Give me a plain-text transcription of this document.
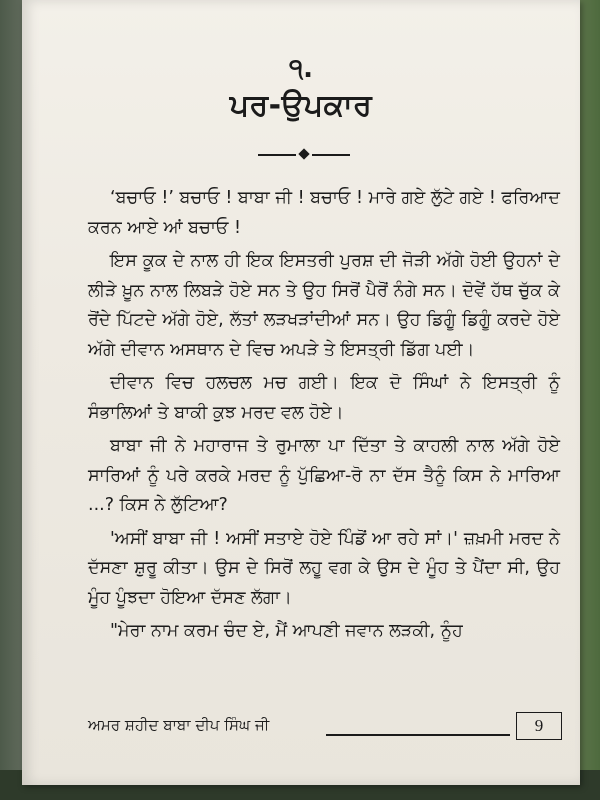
੧.
ਪਰ-ਉਪਕਾਰ

‘ਬਚਾਓ !’ ਬਚਾਓ ! ਬਾਬਾ ਜੀ ! ਬਚਾਓ ! ਮਾਰੇ ਗਏ ਲੁੱਟੇ ਗਏ ! ਫਰਿਆਦ ਕਰਨ ਆਏ ਆਂ ਬਚਾਓ !

ਇਸ ਕੂਕ ਦੇ ਨਾਲ ਹੀ ਇਕ ਇਸਤਰੀ ਪੁਰਸ਼ ਦੀ ਜੋੜੀ ਅੱਗੇ ਹੋਈ ਉਹਨਾਂ ਦੇ ਲੀੜੇ ਖ਼ੂਨ ਨਾਲ ਲਿਬੜੇ ਹੋਏ ਸਨ ਤੇ ਉਹ ਸਿਰੋਂ ਪੈਰੋਂ ਨੰਗੇ ਸਨ। ਦੋਵੇਂ ਹੱਥ ਚੁੱਕ ਕੇ ਰੋਂਦੇ ਪਿੱਟਦੇ ਅੱਗੇ ਹੋਏ, ਲੱਤਾਂ ਲੜਖੜਾਂਦੀਆਂ ਸਨ। ਉਹ ਡਿਗੂੰ ਡਿਗੂੰ ਕਰਦੇ ਹੋਏ ਅੱਗੇ ਦੀਵਾਨ ਅਸਥਾਨ ਦੇ ਵਿਚ ਅਪੜੇ ਤੇ ਇਸਤ੍ਰੀ ਡਿੱਗ ਪਈ।

ਦੀਵਾਨ ਵਿਚ ਹਲਚਲ ਮਚ ਗਈ। ਇਕ ਦੋ ਸਿੰਘਾਂ ਨੇ ਇਸਤ੍ਰੀ ਨੂੰ ਸੰਭਾਲਿਆਂ ਤੇ ਬਾਕੀ ਕੁਝ ਮਰਦ ਵਲ ਹੋਏ।

ਬਾਬਾ ਜੀ ਨੇ ਮਹਾਰਾਜ ਤੇ ਰੁਮਾਲਾ ਪਾ ਦਿੱਤਾ ਤੇ ਕਾਹਲੀ ਨਾਲ ਅੱਗੇ ਹੋਏ ਸਾਰਿਆਂ ਨੂੰ ਪਰੇ ਕਰਕੇ ਮਰਦ ਨੂੰ ਪੁੱਛਿਆ-ਰੋ ਨਾ ਦੱਸ ਤੈਨੂੰ ਕਿਸ ਨੇ ਮਾਰਿਆ ...? ਕਿਸ ਨੇ ਲੁੱਟਿਆ?

'ਅਸੀਂ ਬਾਬਾ ਜੀ ! ਅਸੀਂ ਸਤਾਏ ਹੋਏ ਪਿੰਡੋਂ ਆ ਰਹੇ ਸਾਂ।' ਜ਼ਖ਼ਮੀ ਮਰਦ ਨੇ ਦੱਸਣਾ ਸ਼ੁਰੂ ਕੀਤਾ। ਉਸ ਦੇ ਸਿਰੋਂ ਲਹੂ ਵਗ ਕੇ ਉਸ ਦੇ ਮੂੰਹ ਤੇ ਪੈਂਦਾ ਸੀ, ਉਹ ਮੂੰਹ ਪੂੰਝਦਾ ਹੋਇਆ ਦੱਸਣ ਲੱਗਾ।

"ਮੇਰਾ ਨਾਮ ਕਰਮ ਚੰਦ ਏ, ਮੈਂ ਆਪਣੀ ਜਵਾਨ ਲੜਕੀ, ਨੂੰਹ

ਅਮਰ ਸ਼ਹੀਦ ਬਾਬਾ ਦੀਪ ਸਿੰਘ ਜੀ	9
